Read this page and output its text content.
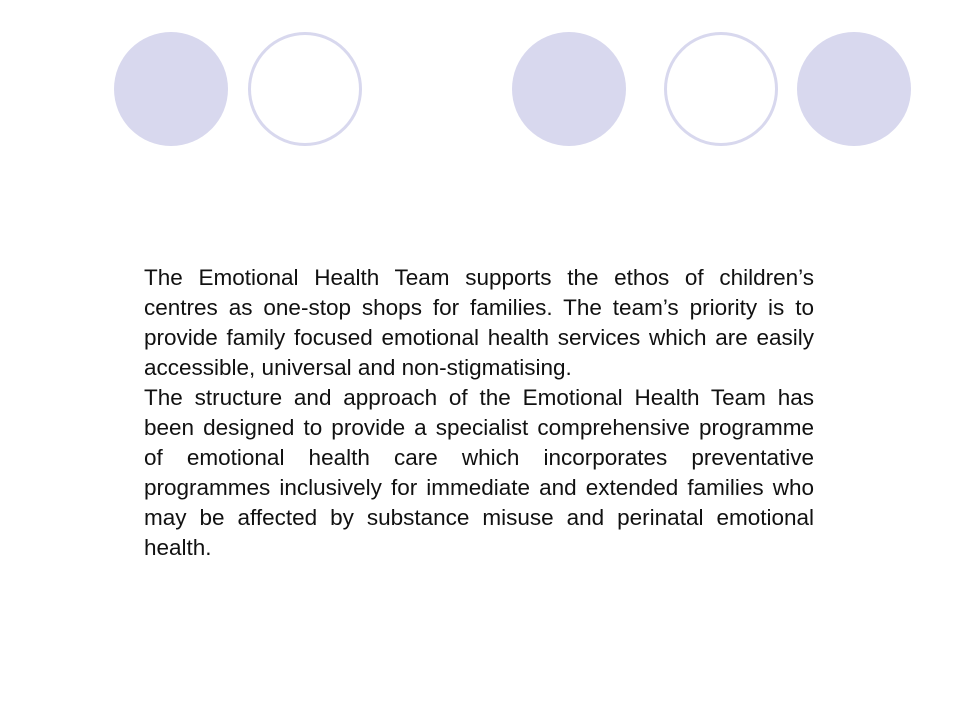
The Emotional Health Team supports the ethos of children’s centres as one-stop shops for families. The team’s priority is to provide family focused emotional health services which are easily accessible, universal and non-stigmatising.

The structure and approach of the Emotional Health Team has been designed to provide a specialist comprehensive programme of emotional health care which incorporates preventative programmes inclusively for immediate and extended families who may be affected by substance misuse and perinatal emotional health.
